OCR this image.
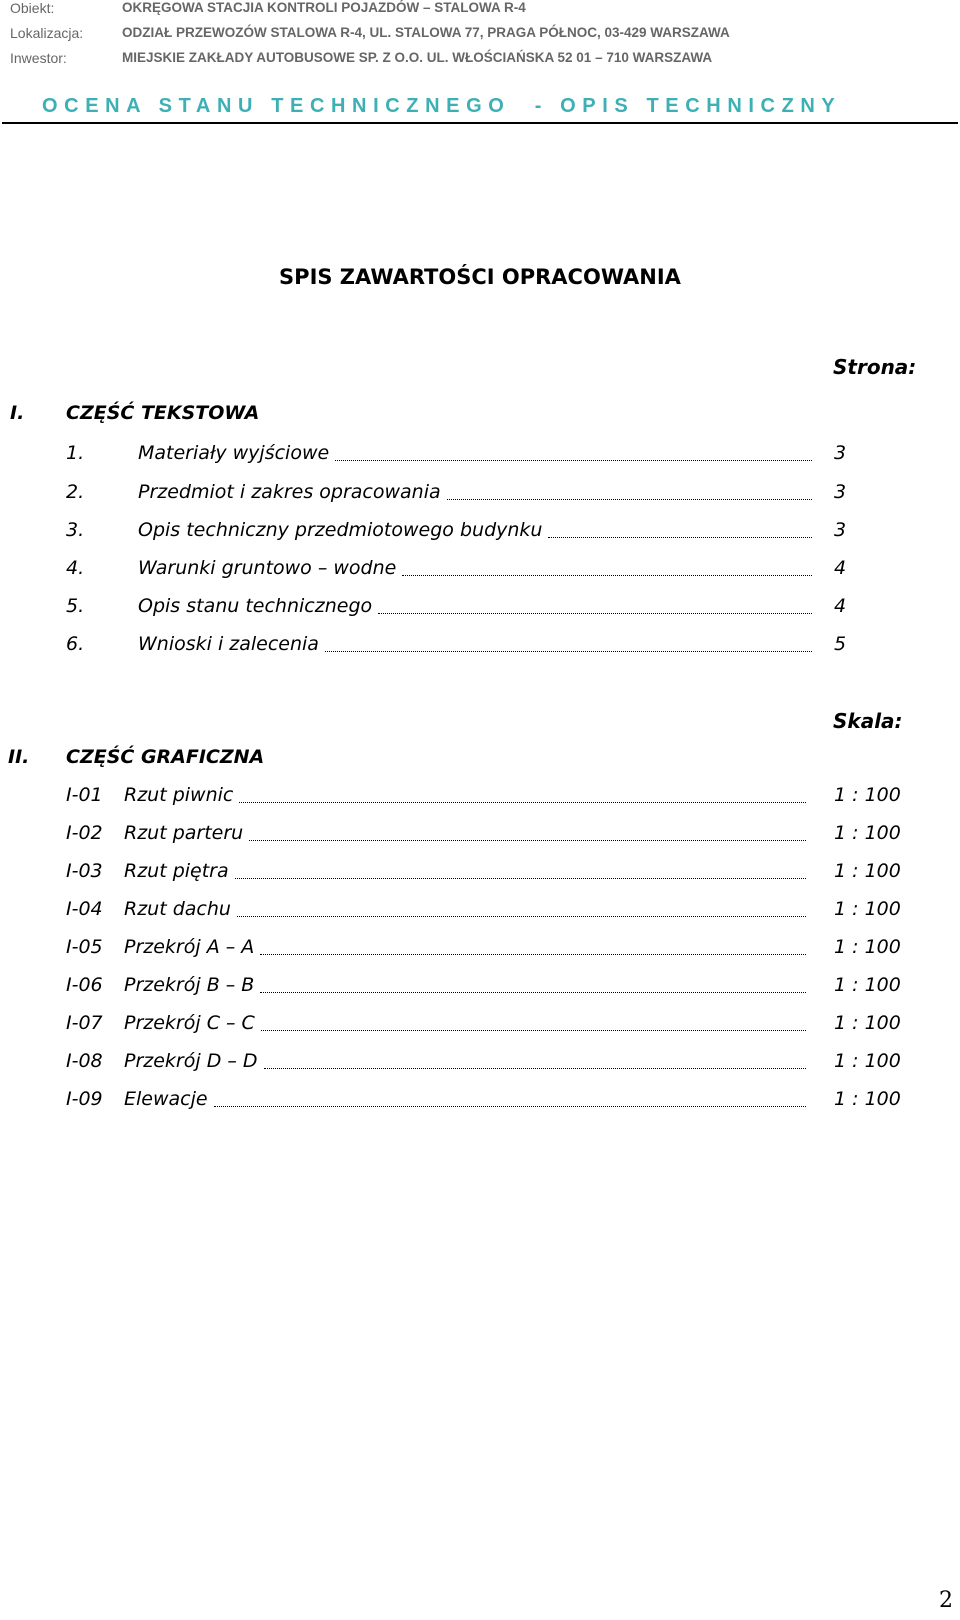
Obiekt:	OKRĘGOWA STACJIA KONTROLI POJAZDÓW – STALOWA R-4
Lokalizacja:	ODZIAŁ PRZEWOZÓW STALOWA R-4, UL. STALOWA 77, PRAGA PÓŁNOC, 03-429 WARSZAWA
Inwestor:	MIEJSKIE ZAKŁADY AUTOBUSOWE SP. Z O.O. UL. WŁOŚCIAŃSKA 52 01 – 710 WARSZAWA
OCENA STANU TECHNICZNEGO  - OPIS TECHNICZNY
SPIS ZAWARTOŚCI OPRACOWANIA
Strona:
I. CZĘŚĆ TEKSTOWA
1.	Materiały wyjściowe	3
2.	Przedmiot i zakres opracowania	3
3.	Opis techniczny przedmiotowego budynku	3
4.	Warunki gruntowo – wodne	4
5.	Opis stanu technicznego	4
6.	Wnioski i zalecenia	5
Skala:
II. CZĘŚĆ GRAFICZNA
I-01 Rzut piwnic	1 : 100
I-02 Rzut parteru	1 : 100
I-03 Rzut piętra	1 : 100
I-04 Rzut dachu	1 : 100
I-05 Przekrój A – A	1 : 100
I-06 Przekrój B – B	1 : 100
I-07 Przekrój C – C	1 : 100
I-08 Przekrój D – D	1 : 100
I-09 Elewacje	1 : 100
2
